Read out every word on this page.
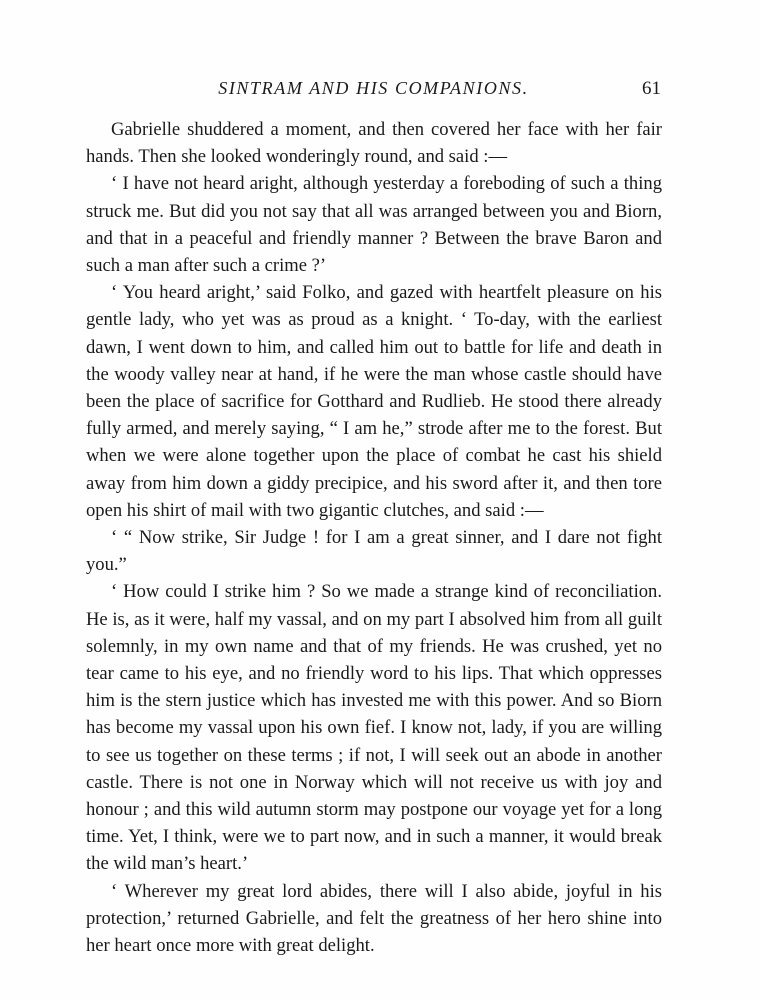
SINTRAM AND HIS COMPANIONS.	61

Gabrielle shuddered a moment, and then covered her face with her fair hands. Then she looked wonderingly round, and said :—

‘ I have not heard aright, although yesterday a foreboding of such a thing struck me. But did you not say that all was arranged between you and Biorn, and that in a peaceful and friendly manner ? Between the brave Baron and such a man after such a crime ?’

‘ You heard aright,’ said Folko, and gazed with heartfelt pleasure on his gentle lady, who yet was as proud as a knight. ‘ To-day, with the earliest dawn, I went down to him, and called him out to battle for life and death in the woody valley near at hand, if he were the man whose castle should have been the place of sacrifice for Gotthard and Rudlieb. He stood there already fully armed, and merely saying, “ I am he,” strode after me to the forest. But when we were alone together upon the place of combat he cast his shield away from him down a giddy precipice, and his sword after it, and then tore open his shirt of mail with two gigantic clutches, and said :—

‘ “ Now strike, Sir Judge ! for I am a great sinner, and I dare not fight you.”

‘ How could I strike him ? So we made a strange kind of reconciliation. He is, as it were, half my vassal, and on my part I absolved him from all guilt solemnly, in my own name and that of my friends. He was crushed, yet no tear came to his eye, and no friendly word to his lips. That which oppresses him is the stern justice which has invested me with this power. And so Biorn has become my vassal upon his own fief. I know not, lady, if you are willing to see us together on these terms ; if not, I will seek out an abode in another castle. There is not one in Norway which will not receive us with joy and honour ; and this wild autumn storm may postpone our voyage yet for a long time. Yet, I think, were we to part now, and in such a manner, it would break the wild man’s heart.’

‘ Wherever my great lord abides, there will I also abide, joyful in his protection,’ returned Gabrielle, and felt the greatness of her hero shine into her heart once more with great delight.
